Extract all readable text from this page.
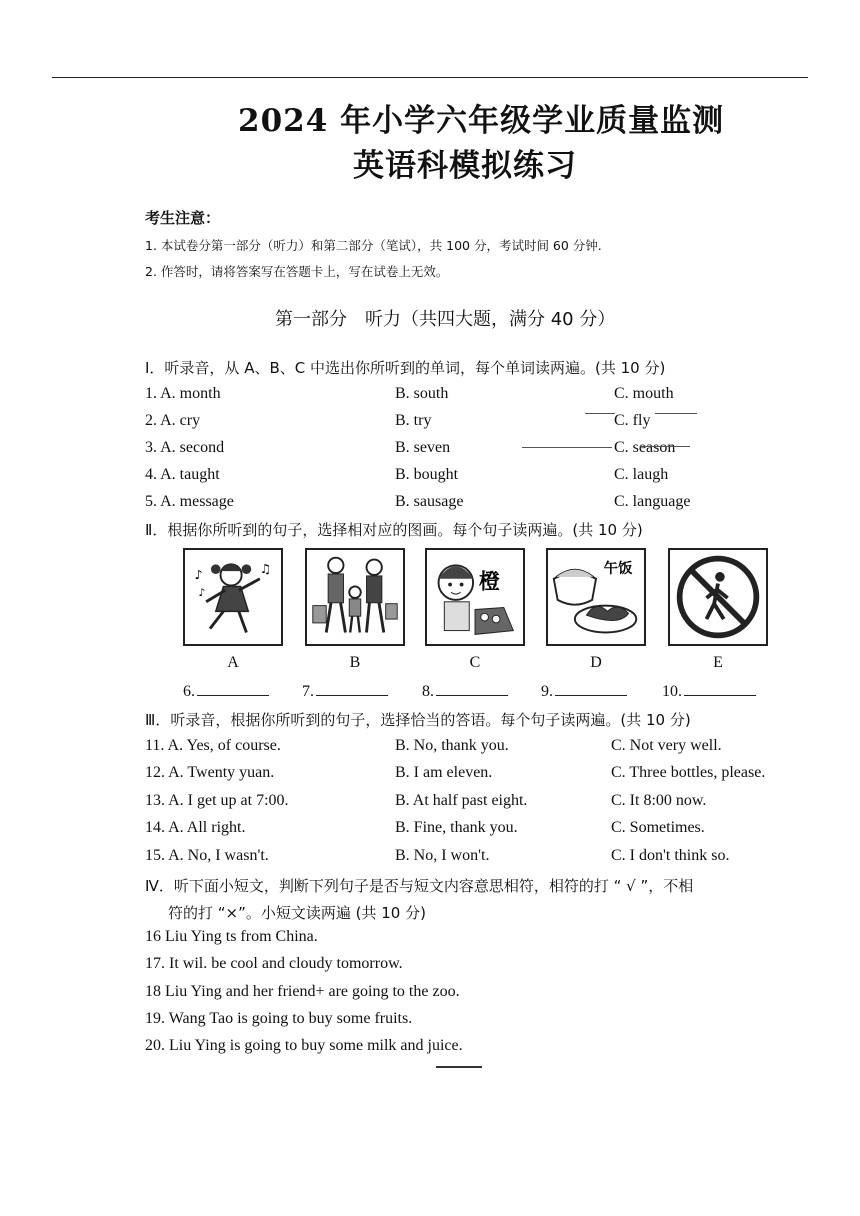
2024 年小学六年级学业质量监测
英语科模拟练习
考生注意：
1. 本试卷分第一部分（听力）和第二部分（笔试），共 100 分，考试时间 60 分钟.
2. 作答时，请将答案写在答题卡上，写在试卷上无效。
第一部分　听力（共四大题，满分 40 分）
Ⅰ．听录音，从 A、B、C 中选出你所听到的单词，每个单词读两遍。(共 10 分)
1. A. month	B. south	C. mouth
2. A. cry	B. try	C. fly
3. A. second	B. seven	C. season
4. A. taught	B. bought	C. laugh
5. A. message	B. sausage	C. language
Ⅱ．根据你所听到的句子，选择相对应的图画。每个句子读两遍。(共 10 分)
♪	♫
♪	橙	午饭
A	B	C	D	E
6.	7.	8.	9.	10.
Ⅲ．听录音，根据你所听到的句子，选择恰当的答语。每个句子读两遍。(共 10 分)
11. A. Yes, of course.	B. No, thank you.	C. Not very well.
12. A. Twenty yuan.	B. I am eleven.	C. Three bottles, please.
13. A. I get up at 7:00.	B. At half past eight.	C. It 8:00 now.
14. A. All right.	B. Fine, thank you.	C. Sometimes.
15. A. No, I wasn't.	B. No, I won't.	C. I don't think so.
Ⅳ．听下面小短文，判断下列句子是否与短文内容意思相符，相符的打 “ √ ”，不相
符的打 “×”。小短文读两遍 (共 10 分)
16 Liu Ying ts from China.
17. It wil. be cool and cloudy tomorrow.
18 Liu Ying and her friend+ are going to the zoo.
19. Wang Tao is going to buy some fruits.
20. Liu Ying is going to buy some milk and juice.
